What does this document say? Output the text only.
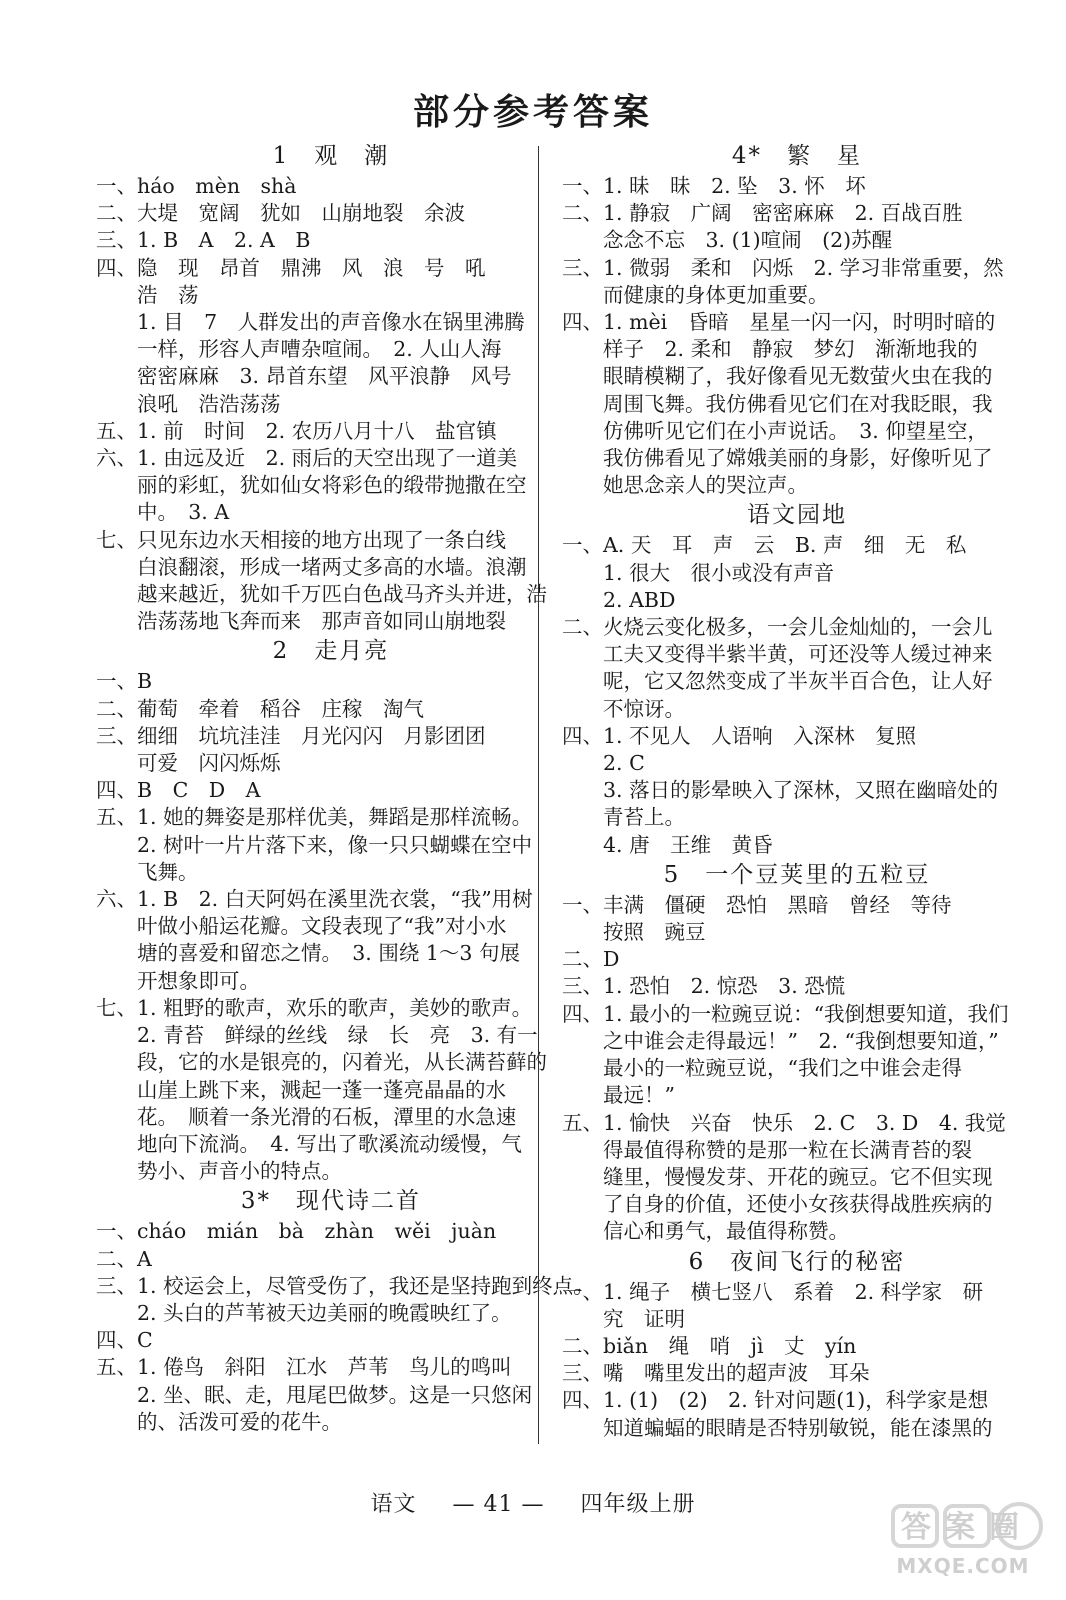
部分参考答案
1　观　潮
一、háo　mèn　shà
二、大堤　宽阔　犹如　山崩地裂　余波
三、1. B　A　2. A　B
四、隐　现　昂首　鼎沸　风　浪　号　吼
　　浩　荡
　　1. 目　7　人群发出的声音像水在锅里沸腾
　　一样，形容人声嘈杂喧闹。　2. 人山人海
　　密密麻麻　3. 昂首东望　风平浪静　风号
　　浪吼　浩浩荡荡
五、1. 前　时间　2. 农历八月十八　盐官镇
六、1. 由远及近　2. 雨后的天空出现了一道美
　　丽的彩虹，犹如仙女将彩色的缎带抛撒在空
　　中。　3. A
七、只见东边水天相接的地方出现了一条白线
　　白浪翻滚，形成一堵两丈多高的水墙。浪潮
　　越来越近，犹如千万匹白色战马齐头并进，浩
　　浩荡荡地飞奔而来　那声音如同山崩地裂
2　走月亮
一、B
二、葡萄　牵着　稻谷　庄稼　淘气
三、细细　坑坑洼洼　月光闪闪　月影团团
　　可爱　闪闪烁烁
四、B　C　D　A
五、1. 她的舞姿是那样优美，舞蹈是那样流畅。
　　2. 树叶一片片落下来，像一只只蝴蝶在空中
　　飞舞。
六、1. B　2. 白天阿妈在溪里洗衣裳，“我”用树
　　叶做小船运花瓣。文段表现了“我”对小水
　　塘的喜爱和留恋之情。　3. 围绕 1～3 句展
　　开想象即可。
七、1. 粗野的歌声，欢乐的歌声，美妙的歌声。
　　2. 青苔　鲜绿的丝线　绿　长　亮　3. 有一
　　段，它的水是银亮的，闪着光，从长满苔藓的
　　山崖上跳下来，溅起一蓬一蓬亮晶晶的水
　　花。　顺着一条光滑的石板，潭里的水急速
　　地向下流淌。　4. 写出了歌溪流动缓慢，气
　　势小、声音小的特点。
3*　现代诗二首
一、cháo　mián　bà　zhàn　wěi　juàn
二、A
三、1. 校运会上，尽管受伤了，我还是坚持跑到终点。
　　2. 头白的芦苇被天边美丽的晚霞映红了。
四、C
五、1. 倦鸟　斜阳　江水　芦苇　鸟儿的鸣叫
　　2. 坐、眠、走，甩尾巴做梦。这是一只悠闲
　　的、活泼可爱的花牛。
4*　繁　星
一、1. 昧　昧　2. 坠　3. 怀　坏
二、1. 静寂　广阔　密密麻麻　2. 百战百胜
　　念念不忘　3. (1)喧闹　(2)苏醒
三、1. 微弱　柔和　闪烁　2. 学习非常重要，然
　　而健康的身体更加重要。
四、1. mèi　昏暗　星星一闪一闪，时明时暗的
　　样子　2. 柔和　静寂　梦幻　渐渐地我的
　　眼睛模糊了，我好像看见无数萤火虫在我的
　　周围飞舞。我仿佛看见它们在对我眨眼，我
　　仿佛听见它们在小声说话。　3. 仰望星空，
　　我仿佛看见了嫦娥美丽的身影，好像听见了
　　她思念亲人的哭泣声。
语文园地
一、A. 天　耳　声　云　B. 声　细　无　私
　　1. 很大　很小或没有声音
　　2. ABD
二、火烧云变化极多，一会儿金灿灿的，一会儿
　　工夫又变得半紫半黄，可还没等人缓过神来
　　呢，它又忽然变成了半灰半百合色，让人好
　　不惊讶。
四、1. 不见人　人语响　入深林　复照
　　2. C
　　3. 落日的影晕映入了深林，又照在幽暗处的
　　青苔上。
　　4. 唐　王维　黄昏
5　一个豆荚里的五粒豆
一、丰满　僵硬　恐怕　黑暗　曾经　等待
　　按照　豌豆
二、D
三、1. 恐怕　2. 惊恐　3. 恐慌
四、1. 最小的一粒豌豆说：“我倒想要知道，我们
　　之中谁会走得最远！”　2. “我倒想要知道，”
　　最小的一粒豌豆说，“我们之中谁会走得
　　最远！”
五、1. 愉快　兴奋　快乐　2. C　3. D　4. 我觉
　　得最值得称赞的是那一粒在长满青苔的裂
　　缝里，慢慢发芽、开花的豌豆。它不但实现
　　了自身的价值，还使小女孩获得战胜疾病的
　　信心和勇气，最值得称赞。
6　夜间飞行的秘密
一、1. 绳子　横七竖八　系着　2. 科学家　研
　　究　证明
二、biǎn　绳　哨　jì　丈　yín
三、嘴　嘴里发出的超声波　耳朵
四、1. (1)　(2)　2. 针对问题(1)，科学家是想
　　知道蝙蝠的眼睛是否特别敏锐，能在漆黑的
语文 — 41 — 四年级上册
答案圈
MXQE.COM
